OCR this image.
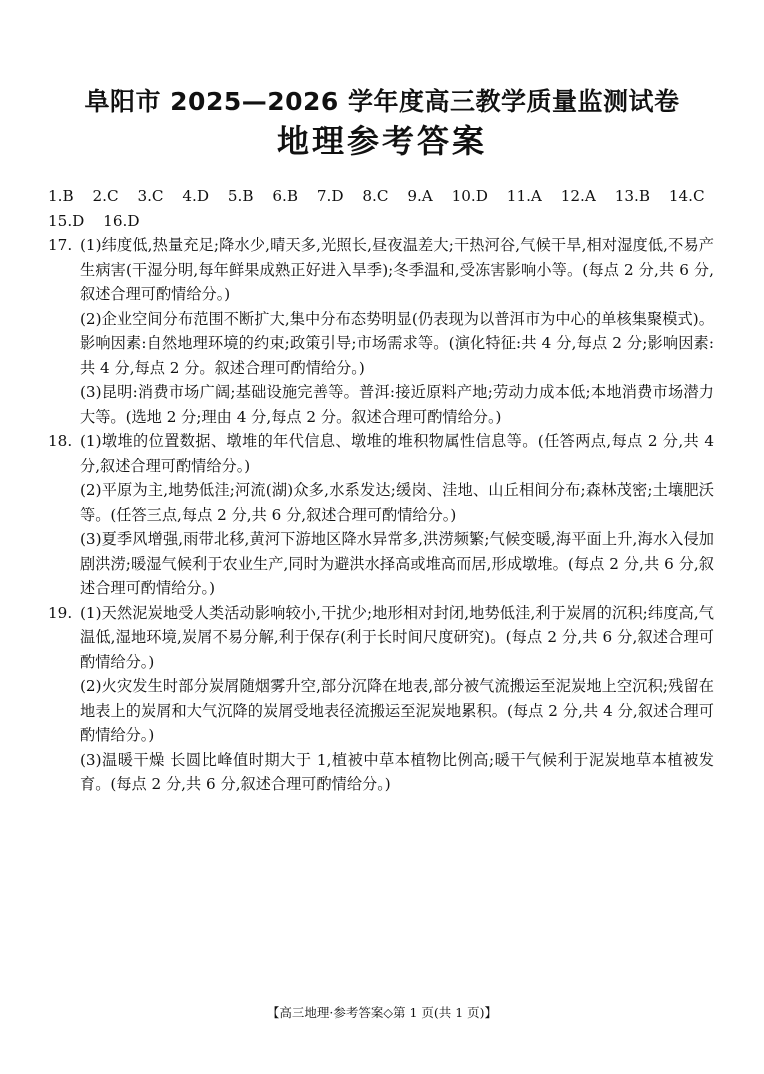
阜阳市 2025—2026 学年度高三教学质量监测试卷
地理参考答案
1.B 2.C 3.C 4.D 5.B 6.B 7.D 8.C 9.A 10.D 11.A 12.A 13.B 14.C
15.D 16.D
17. (1)纬度低,热量充足;降水少,晴天多,光照长,昼夜温差大;干热河谷,气候干旱,相对湿度低,不易产生病害(干湿分明,每年鲜果成熟正好进入旱季);冬季温和,受冻害影响小等。(每点 2 分,共 6 分,叙述合理可酌情给分。)
(2)企业空间分布范围不断扩大,集中分布态势明显(仍表现为以普洱市为中心的单核集聚模式)。影响因素:自然地理环境的约束;政策引导;市场需求等。(演化特征:共 4 分,每点 2 分;影响因素:共 4 分,每点 2 分。叙述合理可酌情给分。)
(3)昆明:消费市场广阔;基础设施完善等。普洱:接近原料产地;劳动力成本低;本地消费市场潜力大等。(选地 2 分;理由 4 分,每点 2 分。叙述合理可酌情给分。)
18. (1)墩堆的位置数据、墩堆的年代信息、墩堆的堆积物属性信息等。(任答两点,每点 2 分,共 4 分,叙述合理可酌情给分。)
(2)平原为主,地势低洼;河流(湖)众多,水系发达;缓岗、洼地、山丘相间分布;森林茂密;土壤肥沃等。(任答三点,每点 2 分,共 6 分,叙述合理可酌情给分。)
(3)夏季风增强,雨带北移,黄河下游地区降水异常多,洪涝频繁;气候变暖,海平面上升,海水入侵加剧洪涝;暖湿气候利于农业生产,同时为避洪水择高或堆高而居,形成墩堆。(每点 2 分,共 6 分,叙述合理可酌情给分。)
19. (1)天然泥炭地受人类活动影响较小,干扰少;地形相对封闭,地势低洼,利于炭屑的沉积;纬度高,气温低,湿地环境,炭屑不易分解,利于保存(利于长时间尺度研究)。(每点 2 分,共 6 分,叙述合理可酌情给分。)
(2)火灾发生时部分炭屑随烟雾升空,部分沉降在地表,部分被气流搬运至泥炭地上空沉积;残留在地表上的炭屑和大气沉降的炭屑受地表径流搬运至泥炭地累积。(每点 2 分,共 4 分,叙述合理可酌情给分。)
(3)温暖干燥 长圆比峰值时期大于 1,植被中草本植物比例高;暖干气候利于泥炭地草本植被发育。(每点 2 分,共 6 分,叙述合理可酌情给分。)
【高三地理·参考答案◇第 1 页(共 1 页)】
